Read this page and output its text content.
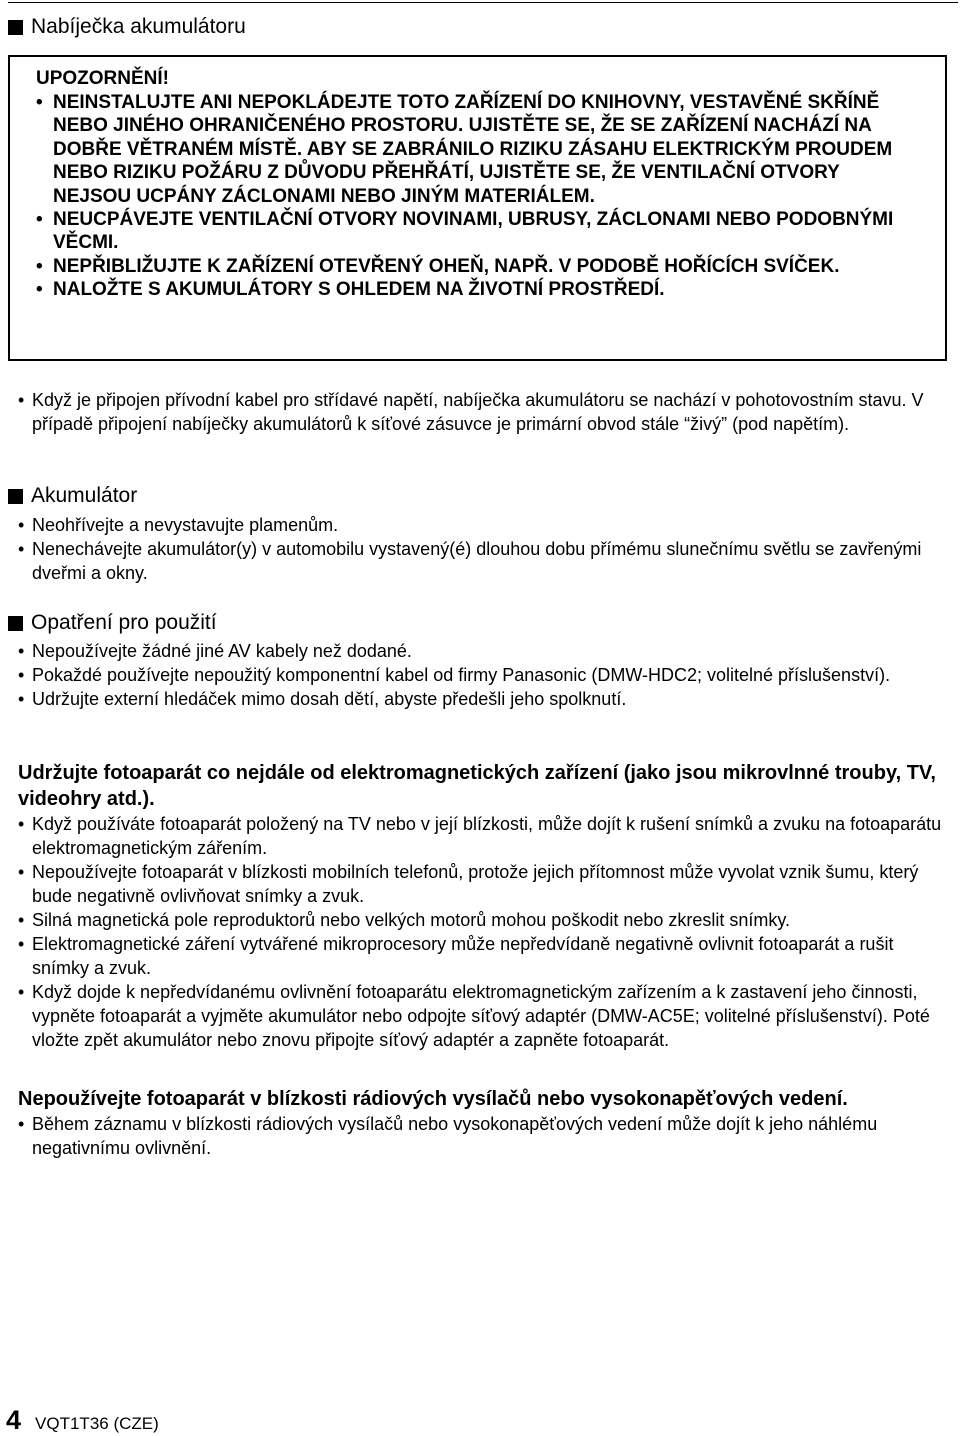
Nabíječka akumulátoru
UPOZORNĚNÍ!
• NEINSTALUJTE ANI NEPOKLÁDEJTE TOTO ZAŘÍZENÍ DO KNIHOVNY, VESTAVĚNÉ SKŘÍNĚ NEBO JINÉHO OHRANIČENÉHO PROSTORU. UJISTĚTE SE, ŽE SE ZAŘÍZENÍ NACHÁZÍ NA DOBŘE VĚTRANÉM MÍSTĚ. ABY SE ZABRÁNILO RIZIKU ZÁSAHU ELEKTRICKÝM PROUDEM NEBO RIZIKU POŽÁRU Z DŮVODU PŘEHŘÁTÍ, UJISTĚTE SE, ŽE VENTILAČNÍ OTVORY NEJSOU UCPÁNY ZÁCLONAMI NEBO JINÝM MATERIÁLEM.
• NEUCPÁVEJTE VENTILAČNÍ OTVORY NOVINAMI, UBRUSY, ZÁCLONAMI NEBO PODOBNÝMI VĚCMI.
• NEPŘIBLIŽUJTE K ZAŘÍZENÍ OTEVŘENÝ OHEŇ, NAPŘ. V PODOBĚ HOŘÍCÍCH SVÍČEK.
• NALOŽTE S AKUMULÁTORY S OHLEDEM NA ŽIVOTNÍ PROSTŘEDÍ.
• Když je připojen přívodní kabel pro střídavé napětí, nabíječka akumulátoru se nachází v pohotovostním stavu. V případě připojení nabíječky akumulátorů k síťové zásuvce je primární obvod stále “živý” (pod napětím).
Akumulátor
• Neohřívejte a nevystavujte plamenům.
• Nenechávejte akumulátor(y) v automobilu vystavený(é) dlouhou dobu přímému slunečnímu světlu se zavřenými dveřmi a okny.
Opatření pro použití
• Nepoužívejte žádné jiné AV kabely než dodané.
• Pokaždé používejte nepoužitý komponentní kabel od firmy Panasonic (DMW-HDC2; volitelné příslušenství).
• Udržujte externí hledáček mimo dosah dětí, abyste předešli jeho spolknutí.
Udržujte fotoaparát co nejdále od elektromagnetických zařízení (jako jsou mikrovlnné trouby, TV, videohry atd.).
• Když používáte fotoaparát položený na TV nebo v její blízkosti, může dojít k rušení snímků a zvuku na fotoaparátu elektromagnetickým zářením.
• Nepoužívejte fotoaparát v blízkosti mobilních telefonů, protože jejich přítomnost může vyvolat vznik šumu, který bude negativně ovlivňovat snímky a zvuk.
• Silná magnetická pole reproduktorů nebo velkých motorů mohou poškodit nebo zkreslit snímky.
• Elektromagnetické záření vytvářené mikroprocesory může nepředvídaně negativně ovlivnit fotoaparát a rušit snímky a zvuk.
• Když dojde k nepředvídanému ovlivnění fotoaparátu elektromagnetickým zařízením a k zastavení jeho činnosti, vypněte fotoaparát a vyjměte akumulátor nebo odpojte síťový adaptér (DMW-AC5E; volitelné příslušenství). Poté vložte zpět akumulátor nebo znovu připojte síťový adaptér a zapněte fotoaparát.
Nepoužívejte fotoaparát v blízkosti rádiových vysílačů nebo vysokonapěťových vedení.
• Během záznamu v blízkosti rádiových vysílačů nebo vysokonapěťových vedení může dojít k jeho náhlému negativnímu ovlivnění.
4 VQT1T36 (CZE)
